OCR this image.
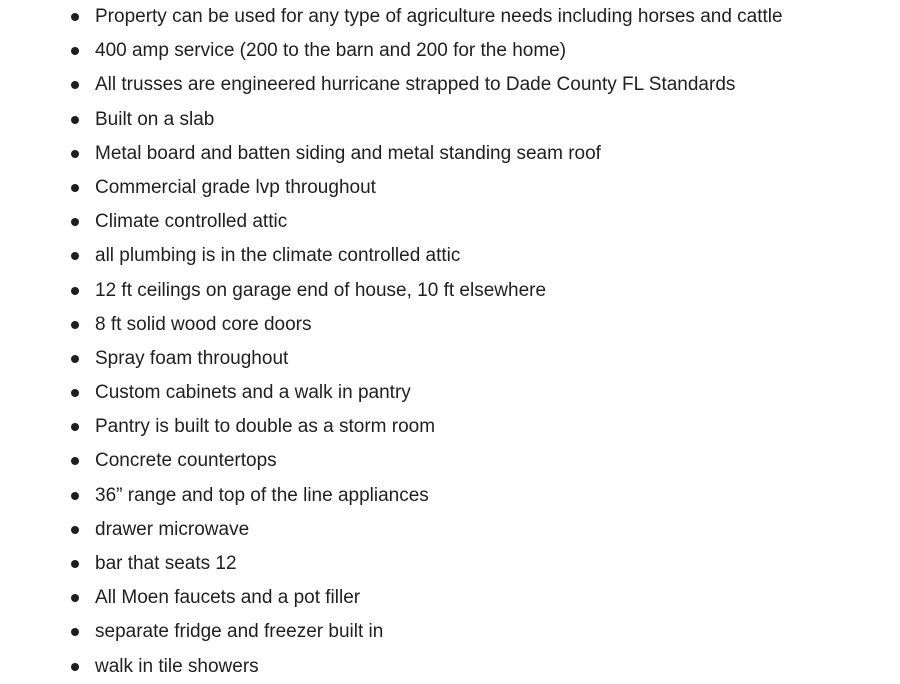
Property can be used for any type of agriculture needs including horses and cattle
400 amp service (200 to the barn and 200 for the home)
All trusses are engineered hurricane strapped to Dade County FL Standards
Built on a slab
Metal board and batten siding and metal standing seam roof
Commercial grade lvp throughout
Climate controlled attic
all plumbing is in the climate controlled attic
12 ft ceilings on garage end of house, 10 ft elsewhere
8 ft solid wood core doors
Spray foam throughout
Custom cabinets and a walk in pantry
Pantry is built to double as a storm room
Concrete countertops
36” range and top of the line appliances
drawer microwave
bar that seats 12
All Moen faucets and a pot filler
separate fridge and freezer built in
walk in tile showers
